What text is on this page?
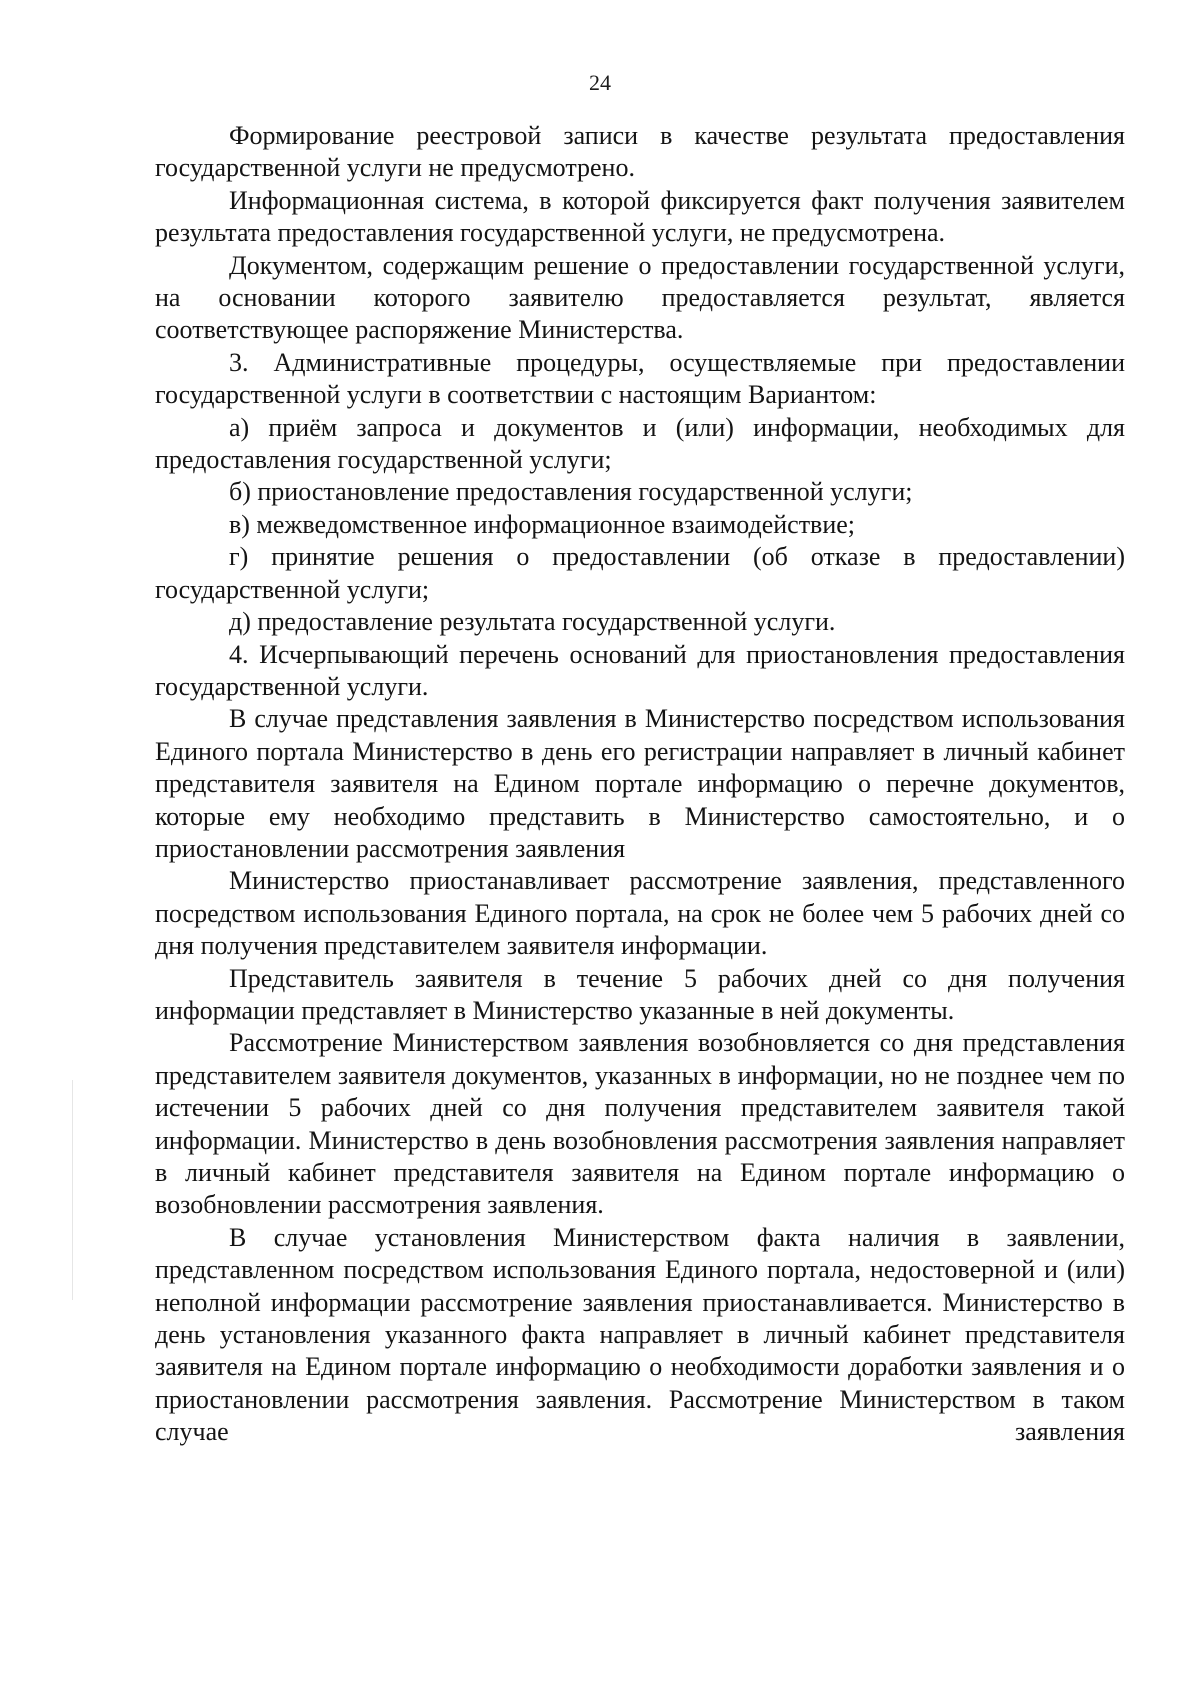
24

Формирование реестровой записи в качестве результата предоставления государственной услуги не предусмотрено.

Информационная система, в которой фиксируется факт получения заявителем результата предоставления государственной услуги, не предусмотрена.

Документом, содержащим решение о предоставлении государственной услуги, на основании которого заявителю предоставляется результат, является соответствующее распоряжение Министерства.

3. Административные процедуры, осуществляемые при предоставлении государственной услуги в соответствии с настоящим Вариантом:

а) приём запроса и документов и (или) информации, необходимых для предоставления государственной услуги;

б) приостановление предоставления государственной услуги;

в) межведомственное информационное взаимодействие;

г) принятие решения о предоставлении (об отказе в предоставлении) государственной услуги;

д) предоставление результата государственной услуги.

4. Исчерпывающий перечень оснований для приостановления предоставления государственной услуги.

В случае представления заявления в Министерство посредством использования Единого портала Министерство в день его регистрации направляет в личный кабинет представителя заявителя на Едином портале информацию о перечне документов, которые ему необходимо представить в Министерство самостоятельно, и о приостановлении рассмотрения заявления

Министерство приостанавливает рассмотрение заявления, представленного посредством использования Единого портала, на срок не более чем 5 рабочих дней со дня получения представителем заявителя информации.

Представитель заявителя в течение 5 рабочих дней со дня получения информации представляет в Министерство указанные в ней документы.

Рассмотрение Министерством заявления возобновляется со дня представления представителем заявителя документов, указанных в информации, но не позднее чем по истечении 5 рабочих дней со дня получения представителем заявителя такой информации. Министерство в день возобновления рассмотрения заявления направляет в личный кабинет представителя заявителя на Едином портале информацию о возобновлении рассмотрения заявления.

В случае установления Министерством факта наличия в заявлении, представленном посредством использования Единого портала, недостоверной и (или) неполной информации рассмотрение заявления приостанавливается. Министерство в день установления указанного факта направляет в личный кабинет представителя заявителя на Едином портале информацию о необходимости доработки заявления и о приостановлении рассмотрения заявления. Рассмотрение Министерством в таком случае заявления
